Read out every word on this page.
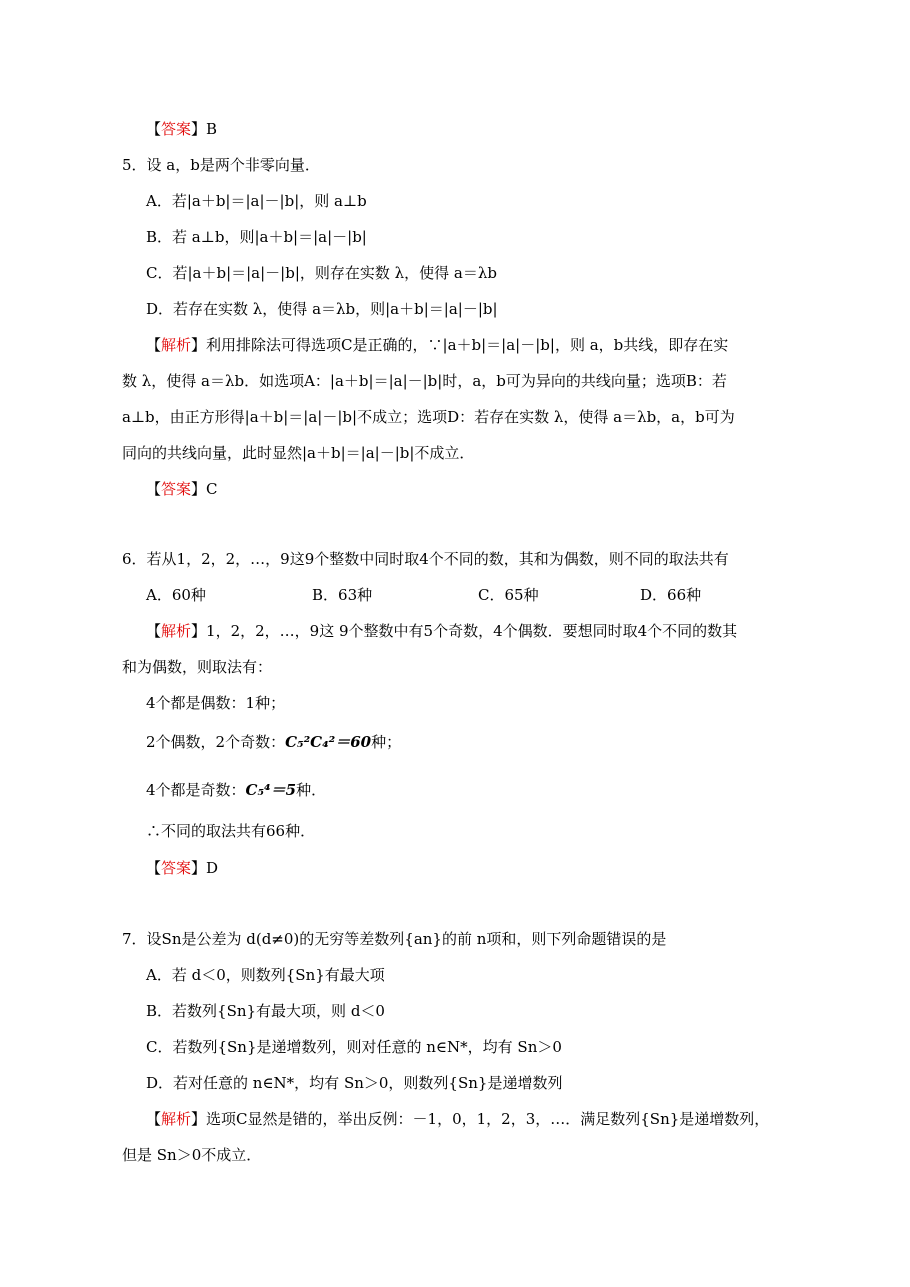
【答案】B
5．设 a，b是两个非零向量．
A．若|a＋b|＝|a|－|b|，则 a⊥b
B．若 a⊥b，则|a＋b|＝|a|－|b|
C．若|a＋b|＝|a|－|b|，则存在实数 λ，使得 a＝λb
D．若存在实数 λ，使得 a＝λb，则|a＋b|＝|a|－|b|
【解析】利用排除法可得选项C是正确的，∵|a＋b|＝|a|－|b|，则 a，b共线，即存在实
数 λ，使得 a＝λb．如选项A：|a＋b|＝|a|－|b|时，a，b可为异向的共线向量；选项B：若
a⊥b，由正方形得|a＋b|＝|a|－|b|不成立；选项D：若存在实数 λ，使得 a＝λb，a，b可为
同向的共线向量，此时显然|a＋b|＝|a|－|b|不成立．
【答案】C
6．若从1，2，2，…，9这9个整数中同时取4个不同的数，其和为偶数，则不同的取法共有
A．60种	B．63种	C．65种	D．66种
【解析】1，2，2，…，9这 9个整数中有5个奇数，4个偶数．要想同时取4个不同的数其
和为偶数，则取法有：
4个都是偶数：1种；
2个偶数，2个奇数：C₅²C₄²＝60种；
4个都是奇数：C₅⁴＝5种．
∴不同的取法共有66种．
【答案】D
7．设Sn是公差为 d(d≠0)的无穷等差数列{an}的前 n项和，则下列命题错误的是
A．若 d＜0，则数列{Sn}有最大项
B．若数列{Sn}有最大项，则 d＜0
C．若数列{Sn}是递增数列，则对任意的 n∈N*，均有 Sn＞0
D．若对任意的 n∈N*，均有 Sn＞0，则数列{Sn}是递增数列
【解析】选项C显然是错的，举出反例：－1，0，1，2，3，…．满足数列{Sn}是递增数列，
但是 Sn＞0不成立．
